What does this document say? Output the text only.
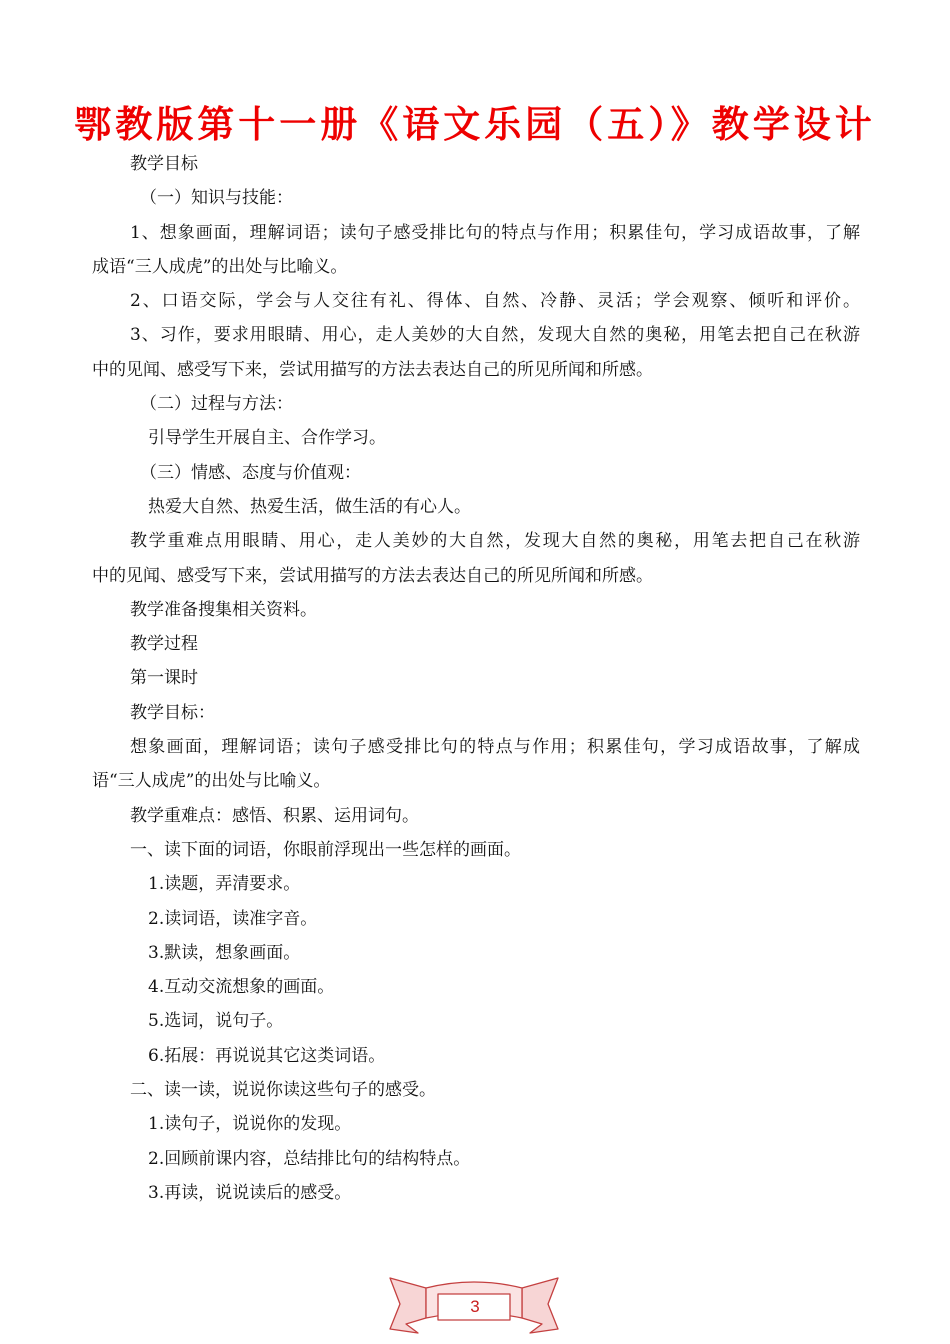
鄂教版第十一册《语文乐园（五）》教学设计

教学目标

（一）知识与技能：

1、想象画面，理解词语；读句子感受排比句的特点与作用；积累佳句，学习成语故事，了解

成语“三人成虎”的出处与比喻义。

2、口语交际，学会与人交往有礼、得体、自然、冷静、灵活；学会观察、倾听和评价。

3、习作，要求用眼睛、用心，走人美妙的大自然，发现大自然的奥秘，用笔去把自己在秋游

中的见闻、感受写下来，尝试用描写的方法去表达自己的所见所闻和所感。

（二）过程与方法：

引导学生开展自主、合作学习。

（三）情感、态度与价值观：

热爱大自然、热爱生活，做生活的有心人。

教学重难点用眼睛、用心，走人美妙的大自然，发现大自然的奥秘，用笔去把自己在秋游

中的见闻、感受写下来，尝试用描写的方法去表达自己的所见所闻和所感。

教学准备搜集相关资料。

教学过程

第一课时

教学目标：

想象画面，理解词语；读句子感受排比句的特点与作用；积累佳句，学习成语故事，了解成

语“三人成虎”的出处与比喻义。

教学重难点：感悟、积累、运用词句。

一、读下面的词语，你眼前浮现出一些怎样的画面。

1.读题，弄清要求。

2.读词语，读准字音。

3.默读，想象画面。

4.互动交流想象的画面。

5.选词，说句子。

6.拓展：再说说其它这类词语。

二、读一读，说说你读这些句子的感受。

1.读句子，说说你的发现。

2.回顾前课内容，总结排比句的结构特点。

3.再读，说说读后的感受。

3
